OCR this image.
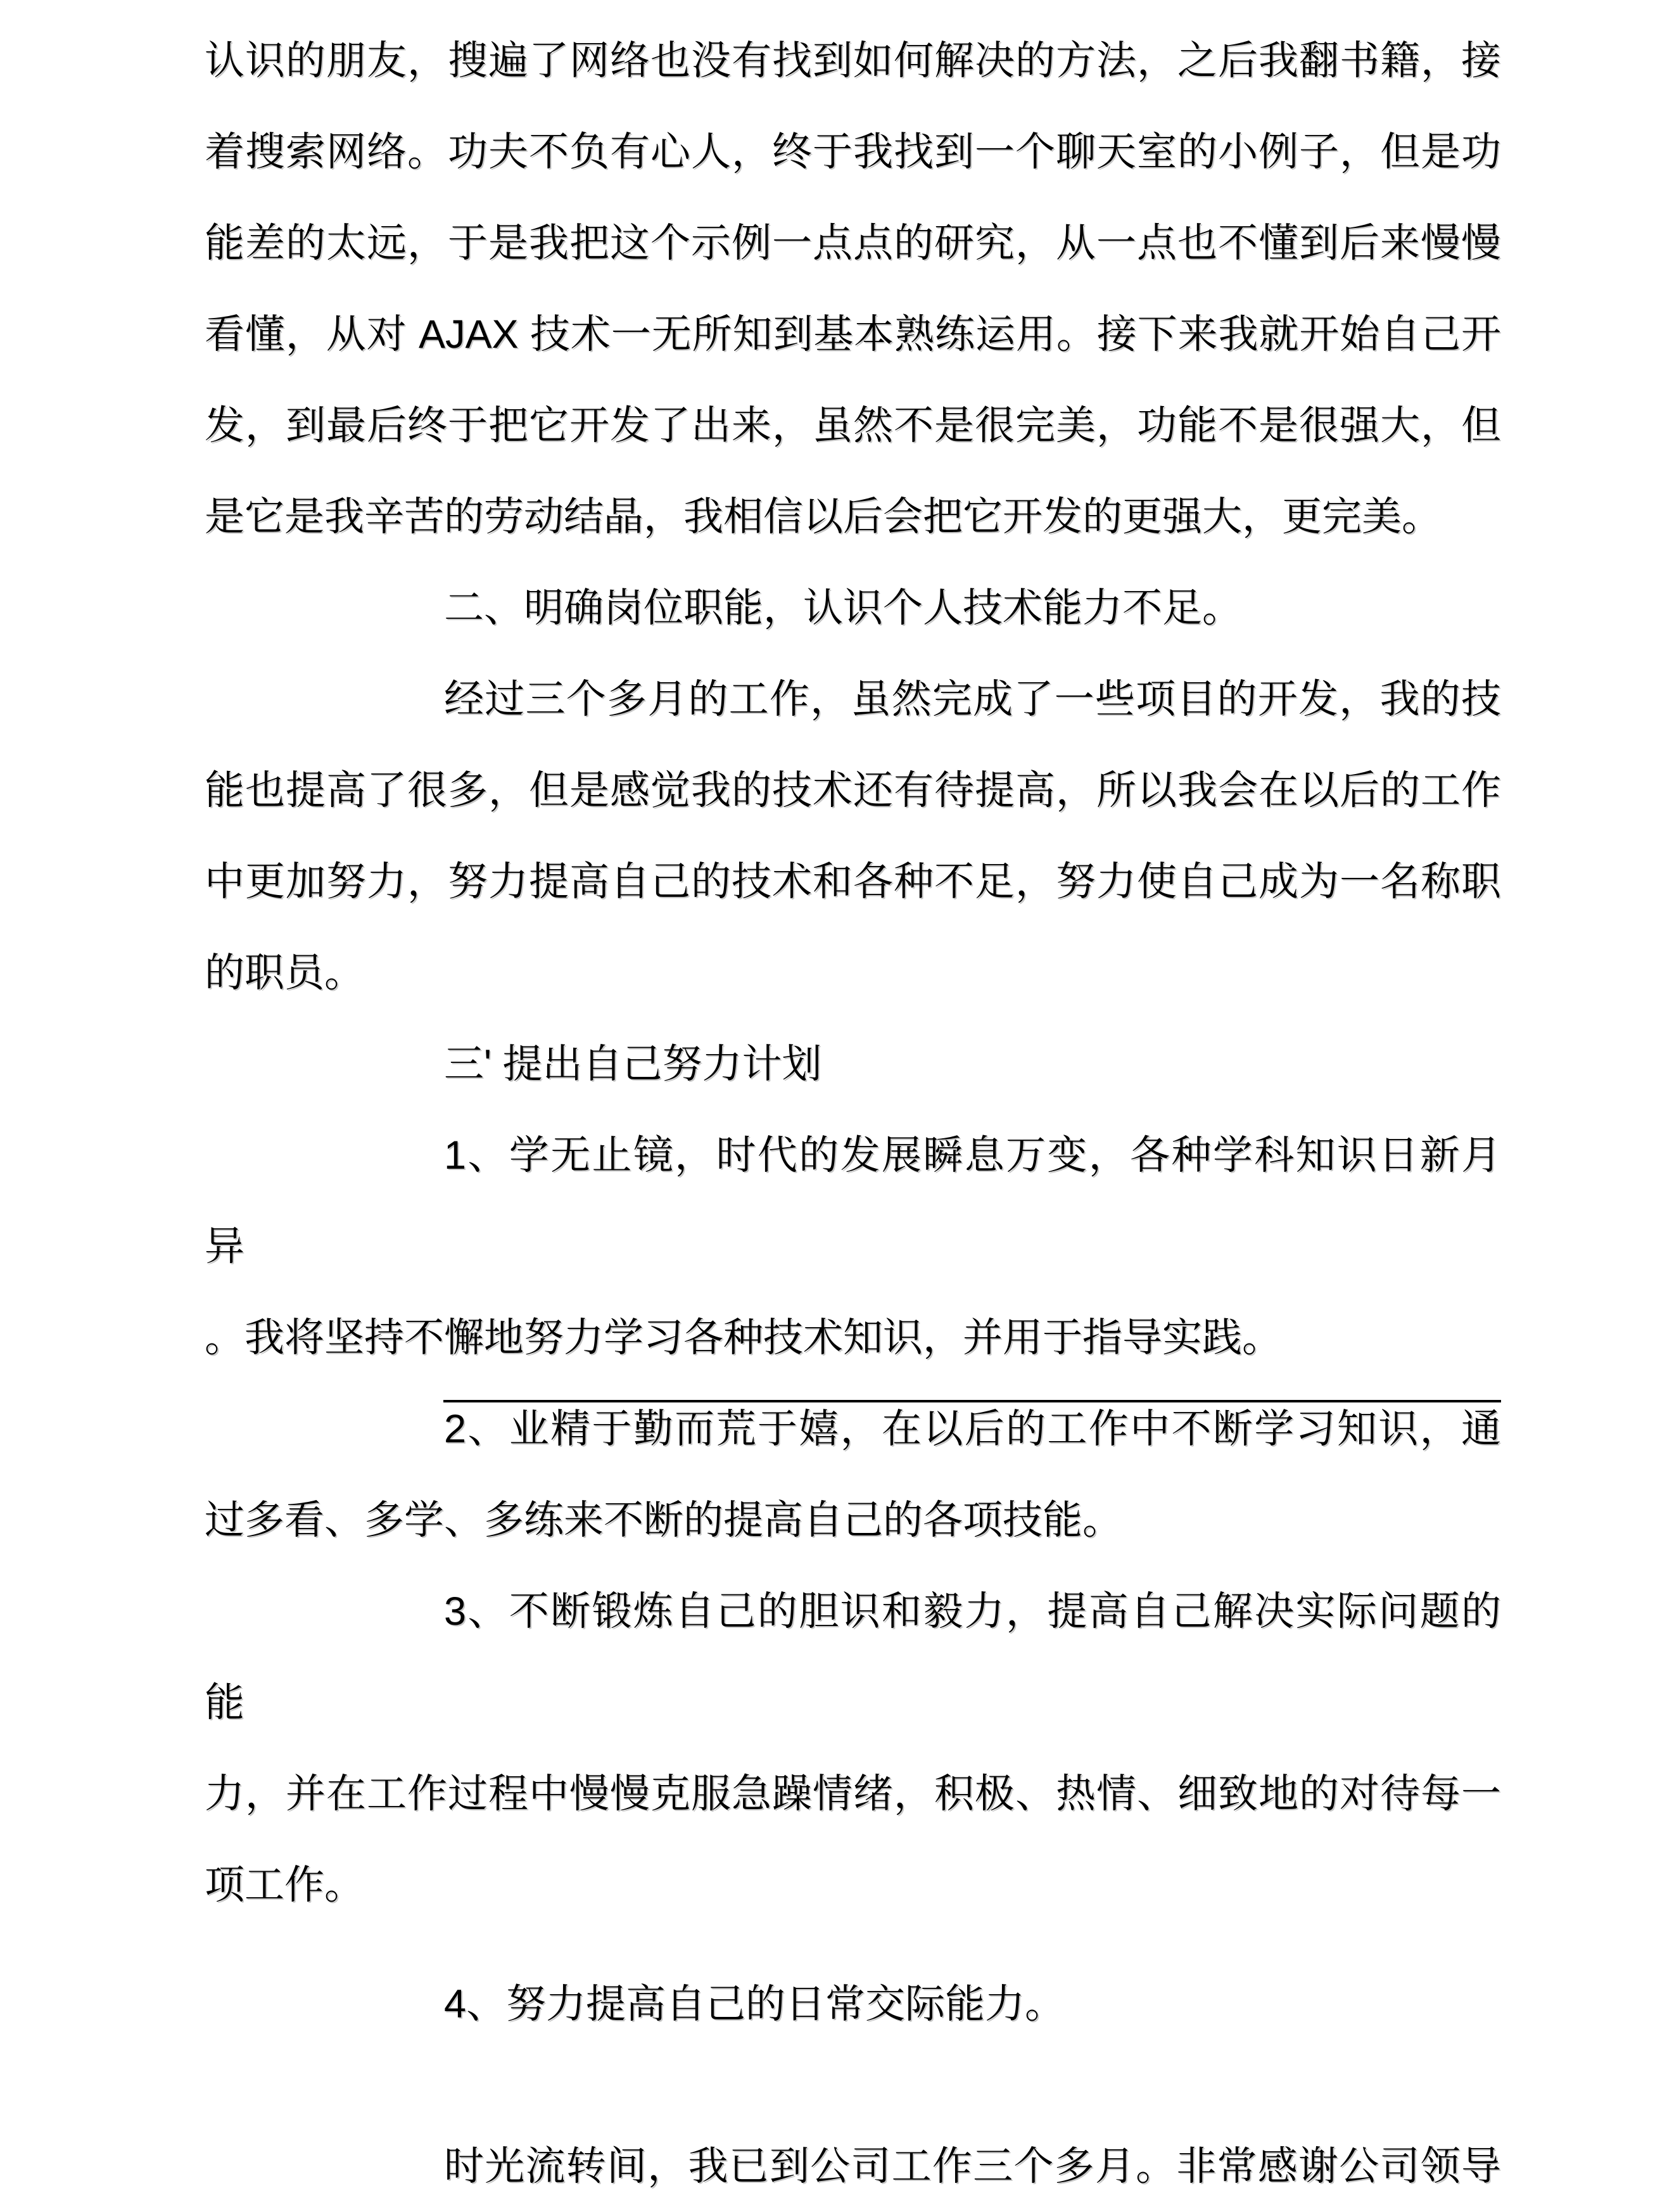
认识的朋友，搜遍了网络也没有找到如何解决的方法，之后我翻书籍，接
着搜索网络。功夫不负有心人，终于我找到一个聊天室的小例子，但是功
能差的太远，于是我把这个示例一点点的研究，从一点也不懂到后来慢慢
看懂，从对 AJAX 技术一无所知到基本熟练运用。接下来我就开始自己开
发，到最后终于把它开发了出来，虽然不是很完美，功能不是很强大，但
是它是我辛苦的劳动结晶，我相信以后会把它开发的更强大，更完美。
二、明确岗位职能，认识个人技术能力不足。
经过三个多月的工作，虽然完成了一些项目的开发，我的技
能也提高了很多，但是感觉我的技术还有待提高，所以我会在以后的工作
中更加努力，努力提高自己的技术和各种不足，努力使自己成为一名称职
的职员。
三' 提出自己努力计划
1、学无止镜，时代的发展瞬息万变，各种学科知识日新月异
。我将坚持不懈地努力学习各种技术知识，并用于指导实践。
2、业精于勤而荒于嬉，在以后的工作中不断学习知识，通
过多看、多学、多练来不断的提高自己的各项技能。
3、不断锻炼自己的胆识和毅力，提高自己解决实际问题的能
力，并在工作过程中慢慢克服急躁情绪，积极、热情、细致地的对待每一
项工作。
4、努力提高自己的日常交际能力。
时光流转间，我已到公司工作三个多月。非常感谢公司领导
